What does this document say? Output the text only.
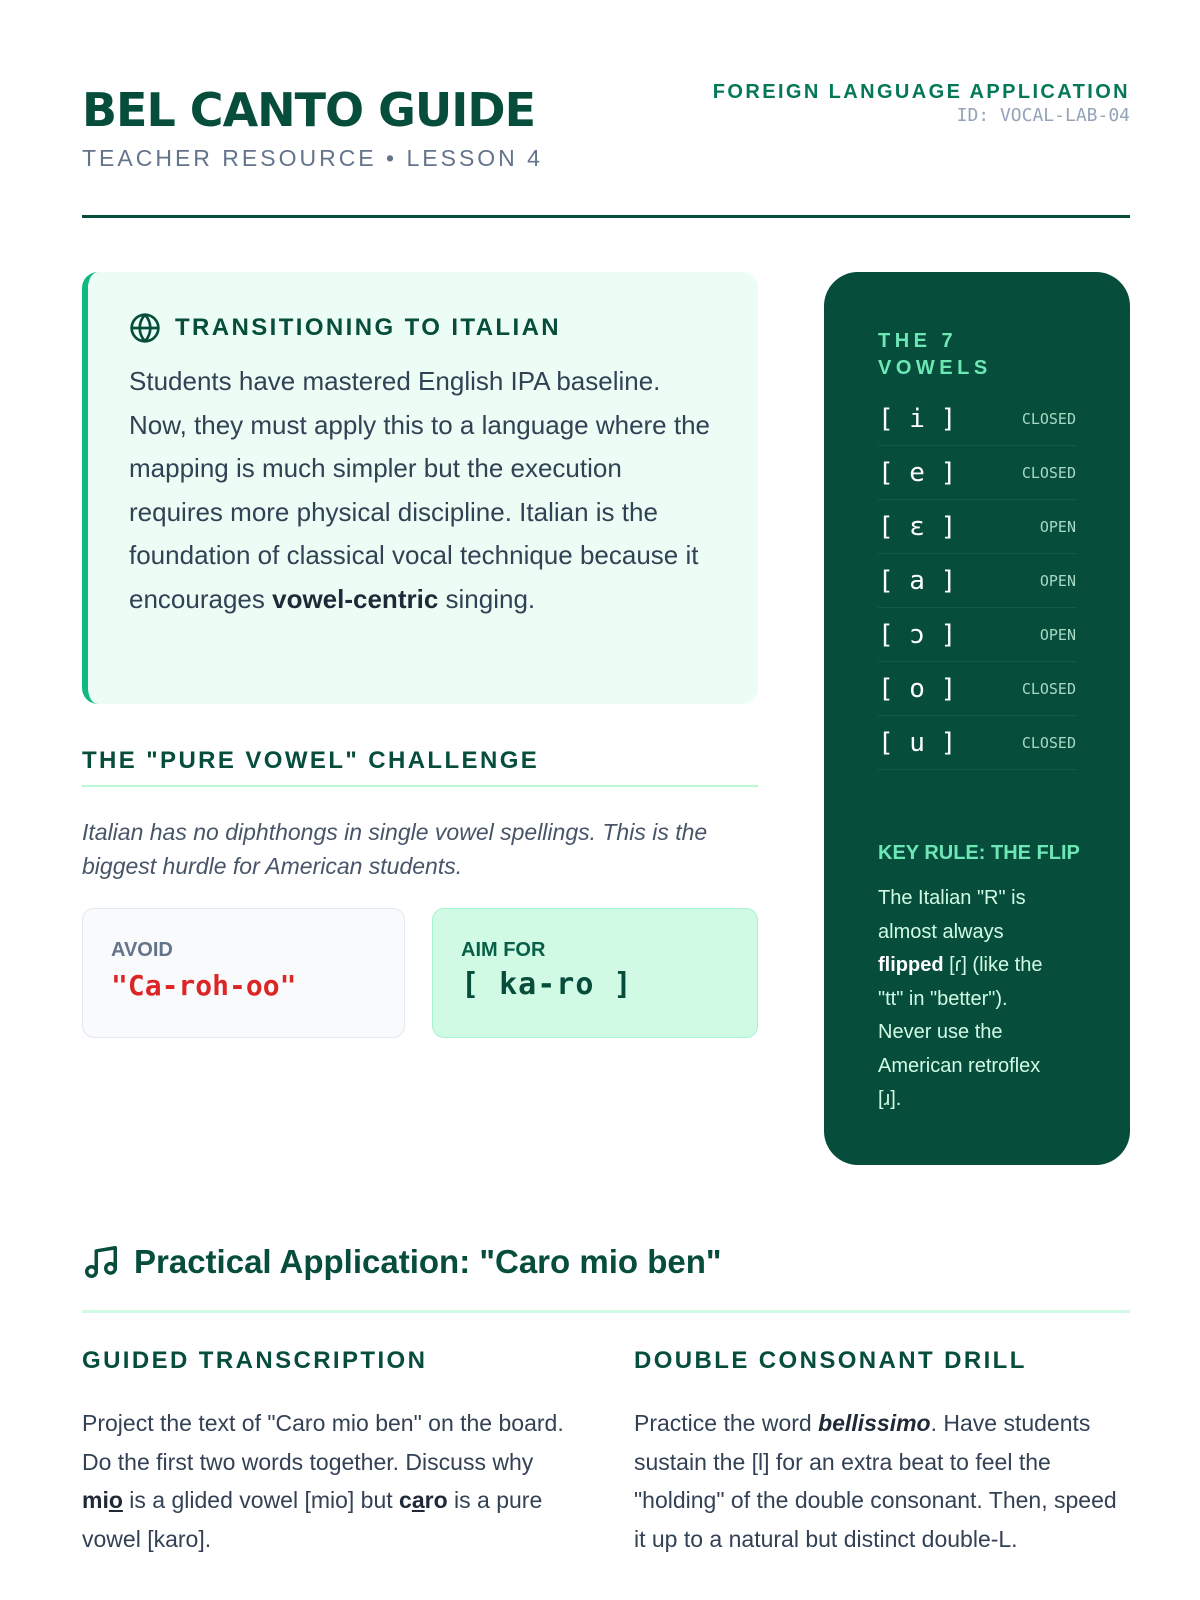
BEL CANTO GUIDE
TEACHER RESOURCE • LESSON 4
FOREIGN LANGUAGE APPLICATION
ID: VOCAL-LAB-04
TRANSITIONING TO ITALIAN
Students have mastered English IPA baseline. Now, they must apply this to a language where the mapping is much simpler but the execution requires more physical discipline. Italian is the foundation of classical vocal technique because it encourages vowel-centric singing.
THE "PURE VOWEL" CHALLENGE
Italian has no diphthongs in single vowel spellings. This is the biggest hurdle for American students.
AVOID
"Ca-roh-oo"
AIM FOR
[ ka-ro ]
THE 7 VOWELS
[ i ]	CLOSED
[ e ]	CLOSED
[ ɛ ]	OPEN
[ a ]	OPEN
[ ɔ ]	OPEN
[ o ]	CLOSED
[ u ]	CLOSED
KEY RULE: THE FLIP
The Italian "R" is almost always flipped [ɾ] (like the "tt" in "better"). Never use the American retroflex [ɹ].
Practical Application: "Caro mio ben"
GUIDED TRANSCRIPTION
Project the text of "Caro mio ben" on the board. Do the first two words together. Discuss why mio is a glided vowel [mio] but caro is a pure vowel [karo].
DOUBLE CONSONANT DRILL
Practice the word bellissimo. Have students sustain the [l] for an extra beat to feel the "holding" of the double consonant. Then, speed it up to a natural but distinct double-L.
